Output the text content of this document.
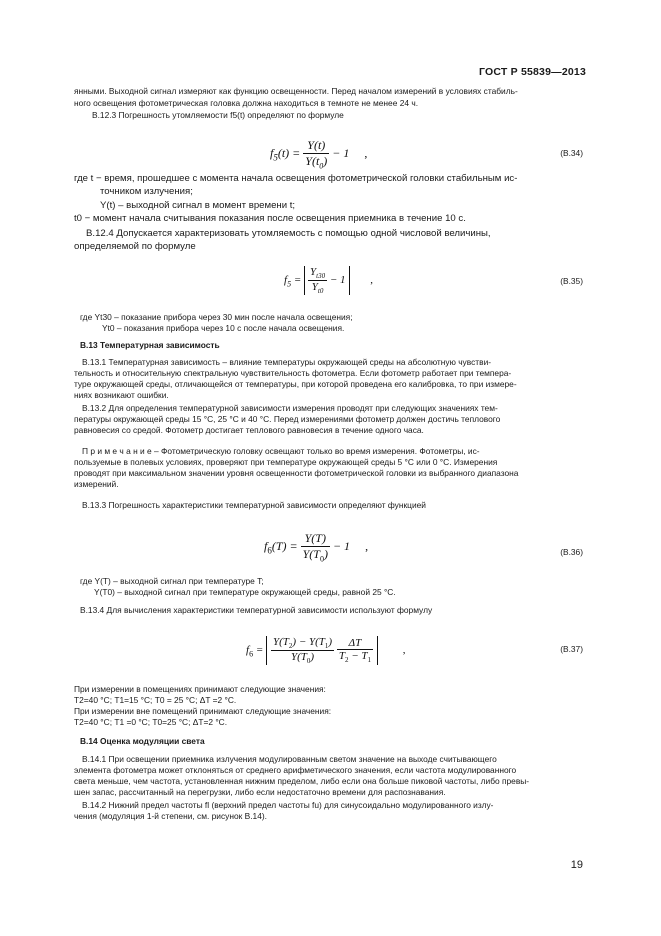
ГОСТ Р 55839—2013
янными. Выходной сигнал измеряют как функцию освещенности. Перед началом измерений в условиях стабиль-
ного освещения фотометрическая головка должна находиться в темноте не менее 24 ч.
В.12.3 Погрешность утомляемости f5(t) определяют по формуле
$f_5(t) = \frac{Y(t)}{Y(t_0)} - 1$ ,	(В.34)
где t − время, прошедшее с момента начала освещения фотометрической головки стабильным ис-
точником излучения;
Y(t) – выходной сигнал в момент времени t;
t0 − момент начала считывания показания после освещения приемника в течение 10 с.
В.12.4 Допускается характеризовать утомляемость с помощью одной числовой величины,
определяемой по формуле
$f_5 = \frac{Y_{t30}}{Y_{t0}} - 1$ ,	(В.35)
где Yt30 – показание прибора через 30 мин после начала освещения;
Yt0 – показания прибора через 10 с после начала освещения.
В.13 Температурная зависимость
В.13.1 Температурная зависимость – влияние температуры окружающей среды на абсолютную чувстви-
тельность и относительную спектральную чувствительность фотометра. Если фотометр работает при темпера-
туре окружающей среды, отличающейся от температуры, при которой проведена его калибровка, то при измере-
ниях возникают ошибки.
В.13.2 Для определения температурной зависимости измерения проводят при следующих значениях тем-
пературы окружающей среды 15 °С, 25 °С и 40 °С. Перед измерениями фотометр должен достичь теплового
равновесия со средой. Фотометр достигает теплового равновесия в течение одного часа.
П р и м е ч а н и е – Фотометрическую головку освещают только во время измерения. Фотометры, ис-
пользуемые в полевых условиях, проверяют при температуре окружающей среды 5 °С или 0 °С. Измерения
проводят при максимальном значении уровня освещенности фотометрической головки из выбранного диапазона
измерений.
В.13.3 Погрешность характеристики температурной зависимости определяют функцией
$f_6(T) = \frac{Y(T)}{Y(T_0)} - 1$ ,	(В.36)
где Y(T) – выходной сигнал при температуре T;
Y(T0) – выходной сигнал при температуре окружающей среды, равной 25 °С.
В.13.4 Для вычисления характеристики температурной зависимости используют формулу
$f_6 = \frac{Y(T_2) - Y(T_1)}{Y(T_0)}$
$\frac{\Delta T}{T_2 - T_1}$	,	(В.37)
При измерении в помещениях принимают следующие значения:
T2=40 °С; T1=15 °С; T0 = 25 °С; ΔT =2 °С.
При измерении вне помещений принимают следующие значения:
T2=40 °С; T1 =0 °С; T0=25 °С; ΔT=2 °С.
В.14 Оценка модуляции света
В.14.1 При освещении приемника излучения модулированным светом значение на выходе считывающего
элемента фотометра может отклоняться от среднего арифметического значения, если частота модулированного
света меньше, чем частота, установленная нижним пределом, либо если она больше пиковой частоты, либо превы-
шен запас, рассчитанный на перегрузки, либо если недостаточно времени для распознавания.
В.14.2 Нижний предел частоты fl (верхний предел частоты fu) для синусоидально модулированного излу-
чения (модуляция 1-й степени, см. рисунок В.14).
19
